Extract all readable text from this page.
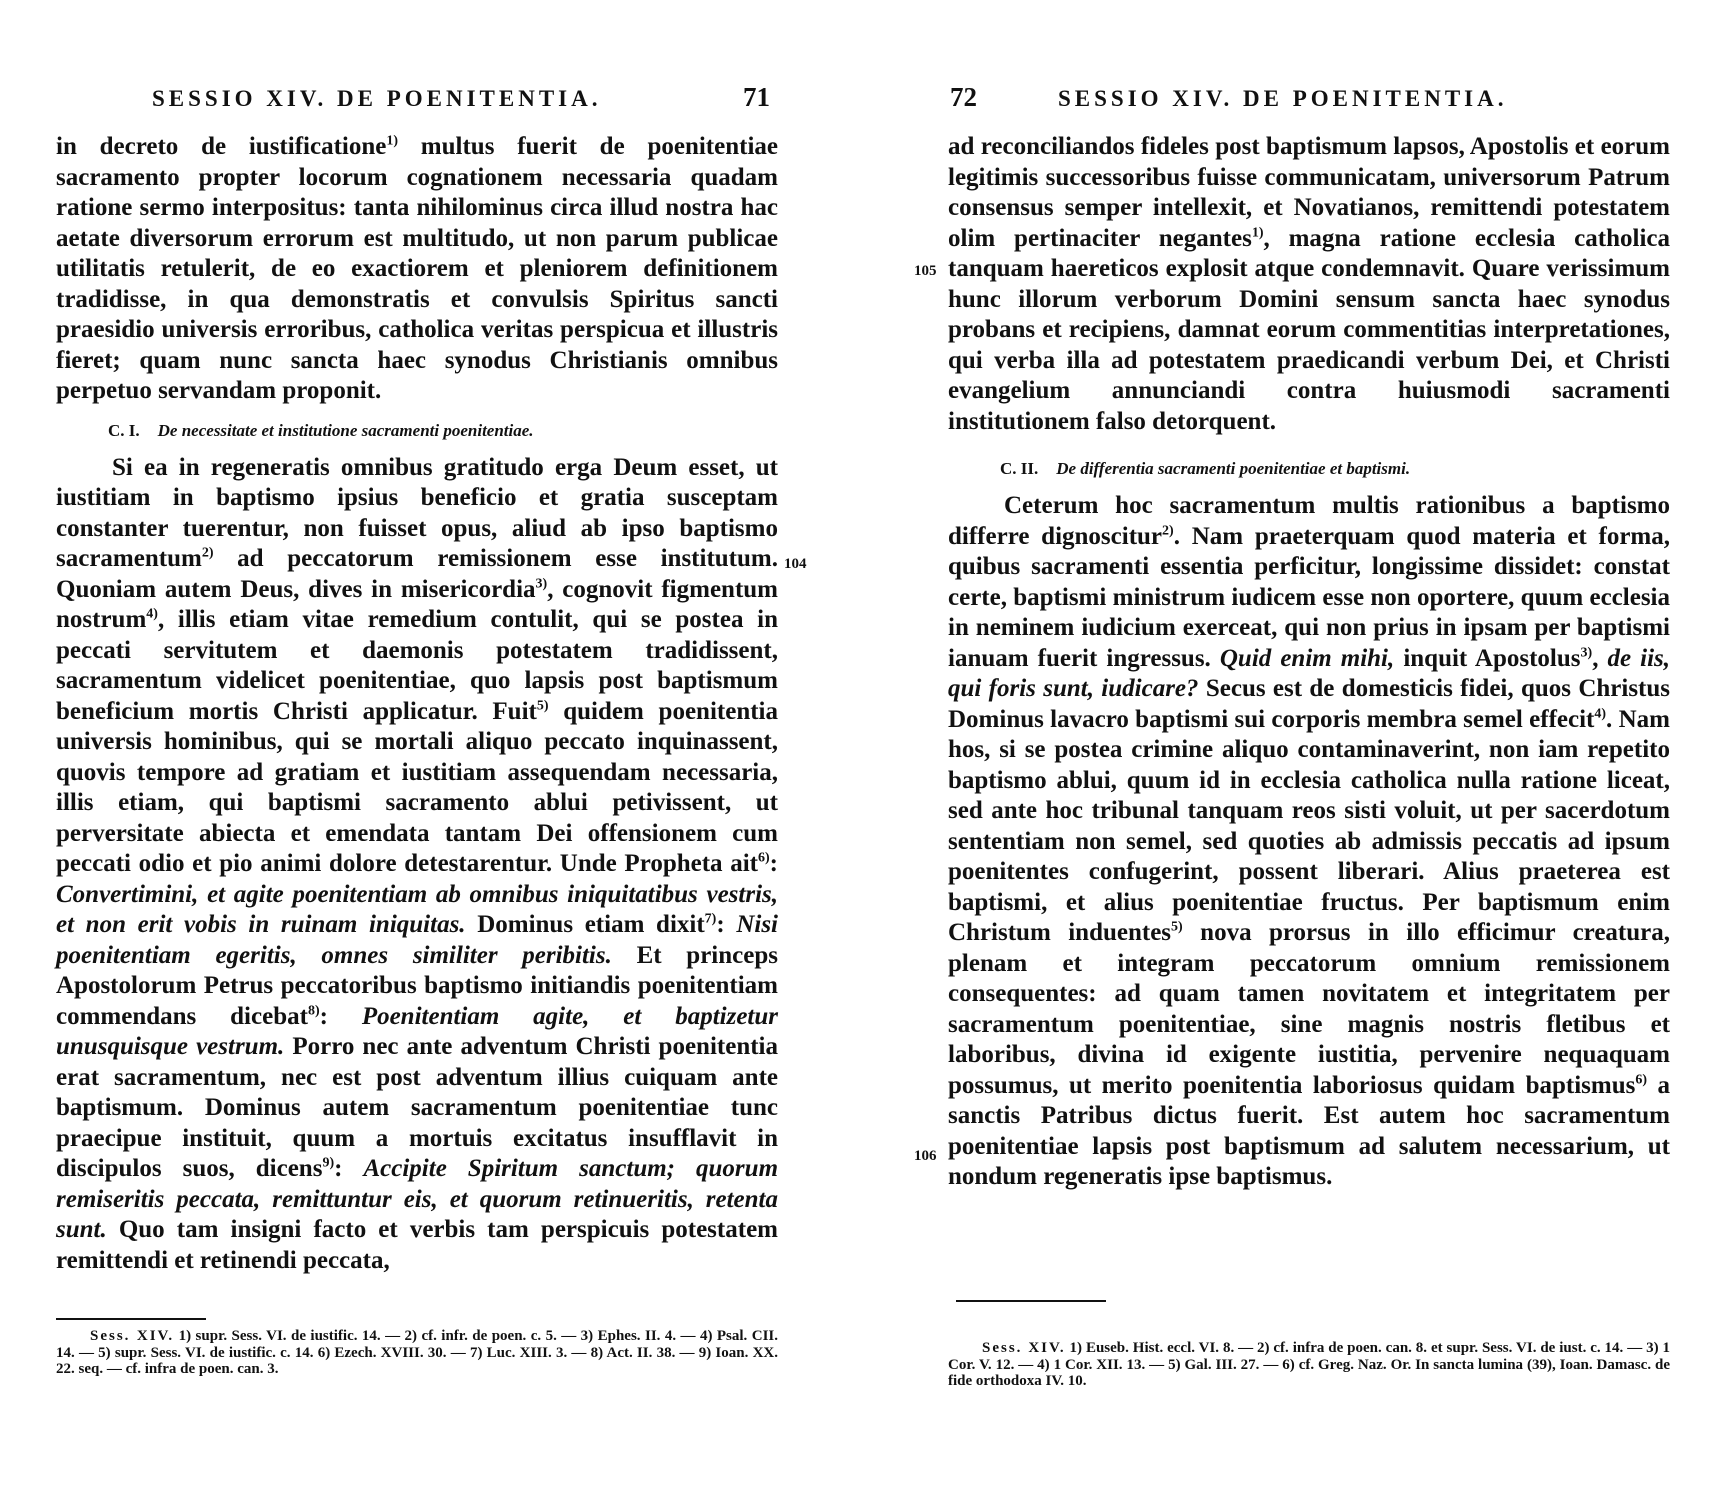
SESSIO XIV. DE POENITENTIA.	71

in decreto de iustificatione$^{1)}$ multus fuerit de poenitentiae sacramento propter locorum cognationem necessaria quadam ratione sermo interpositus: tanta nihilominus circa illud nostra hac aetate diversorum errorum est multitudo, ut non parum publicae utilitatis retulerit, de eo exactiorem et pleniorem definitionem tradidisse, in qua demonstratis et convulsis Spiritus sancti praesidio universis erroribus, catholica veritas perspicua et illustris fieret; quam nunc sancta haec synodus Christianis omnibus perpetuo servandam proponit.

C. I. De necessitate et institutione sacramenti poenitentiae.

Si ea in regeneratis omnibus gratitudo erga Deum esset, ut iustitiam in baptismo ipsius beneficio et gratia susceptam constanter tuerentur, non fuisset opus, aliud ab ipso baptismo sacramentum$^{2)}$ ad peccatorum remissionem esse institutum. Quoniam autem Deus, dives in misericordia$^{3)}$, cognovit figmentum nostrum$^{4)}$, illis etiam vitae remedium contulit, qui se postea in peccati servitutem et daemonis potestatem tradidissent, sacramentum videlicet poenitentiae, quo lapsis post baptismum beneficium mortis Christi applicatur. Fuit$^{5)}$ quidem poenitentia universis hominibus, qui se mortali aliquo peccato inquinassent, quovis tempore ad gratiam et iustitiam assequendam necessaria, illis etiam, qui baptismi sacramento ablui petivissent, ut perversitate abiecta et emendata tantam Dei offensionem cum peccati odio et pio animi dolore detestarentur. Unde Propheta ait$^{6)}$: Convertimini, et agite poenitentiam ab omnibus iniquitatibus vestris, et non erit vobis in ruinam iniquitas. Dominus etiam dixit$^{7)}$: Nisi poenitentiam egeritis, omnes similiter peribitis. Et princeps Apostolorum Petrus peccatoribus baptismo initiandis poenitentiam commendans dicebat$^{8)}$: Poenitentiam agite, et baptizetur unusquisque vestrum. Porro nec ante adventum Christi poenitentia erat sacramentum, nec est post adventum illius cuiquam ante baptismum. Dominus autem sacramentum poenitentiae tunc praecipue instituit, quum a mortuis excitatus insufflavit in discipulos suos, dicens$^{9)}$: Accipite Spiritum sanctum; quorum remiseritis peccata, remittuntur eis, et quorum retinueritis, retenta sunt. Quo tam insigni facto et verbis tam perspicuis potestatem remittendi et retinendi peccata,

104
Sess. XIV. 1) supr. Sess. VI. de iustific. 14. — 2) cf. infr. de poen. c. 5. — 3) Ephes. II. 4. — 4) Psal. CII. 14. — 5) supr. Sess. VI. de iustific. c. 14. 6) Ezech. XVIII. 30. — 7) Luc. XIII. 3. — 8) Act. II. 38. — 9) Ioan. XX. 22. seq. — cf. infra de poen. can. 3.
72	SESSIO XIV. DE POENITENTIA.

ad reconciliandos fideles post baptismum lapsos, Apostolis et eorum legitimis successoribus fuisse communicatam, universorum Patrum consensus semper intellexit, et Novatianos, remittendi potestatem olim pertinaciter negantes$^{1)}$, magna ratione ecclesia catholica tanquam haereticos explosit atque condemnavit. Quare verissimum hunc illorum verborum Domini sensum sancta haec synodus probans et recipiens, damnat eorum commentitias interpretationes, qui verba illa ad potestatem praedicandi verbum Dei, et Christi evangelium annunciandi contra huiusmodi sacramenti institutionem falso detorquent.

C. II. De differentia sacramenti poenitentiae et baptismi.

Ceterum hoc sacramentum multis rationibus a baptismo differre dignoscitur$^{2)}$. Nam praeterquam quod materia et forma, quibus sacramenti essentia perficitur, longissime dissidet: constat certe, baptismi ministrum iudicem esse non oportere, quum ecclesia in neminem iudicium exerceat, qui non prius in ipsam per baptismi ianuam fuerit ingressus. Quid enim mihi, inquit Apostolus$^{3)}$, de iis, qui foris sunt, iudicare? Secus est de domesticis fidei, quos Christus Dominus lavacro baptismi sui corporis membra semel effecit$^{4)}$. Nam hos, si se postea crimine aliquo contaminaverint, non iam repetito baptismo ablui, quum id in ecclesia catholica nulla ratione liceat, sed ante hoc tribunal tanquam reos sisti voluit, ut per sacerdotum sententiam non semel, sed quoties ab admissis peccatis ad ipsum poenitentes confugerint, possent liberari. Alius praeterea est baptismi, et alius poenitentiae fructus. Per baptismum enim Christum induentes$^{5)}$ nova prorsus in illo efficimur creatura, plenam et integram peccatorum omnium remissionem consequentes: ad quam tamen novitatem et integritatem per sacramentum poenitentiae, sine magnis nostris fletibus et laboribus, divina id exigente iustitia, pervenire nequaquam possumus, ut merito poenitentia laboriosus quidam baptismus$^{6)}$ a sanctis Patribus dictus fuerit. Est autem hoc sacramentum poenitentiae lapsis post baptismum ad salutem necessarium, ut nondum regeneratis ipse baptismus.

105
106
Sess. XIV. 1) Euseb. Hist. eccl. VI. 8. — 2) cf. infra de poen. can. 8. et supr. Sess. VI. de iust. c. 14. — 3) 1 Cor. V. 12. — 4) 1 Cor. XII. 13. — 5) Gal. III. 27. — 6) cf. Greg. Naz. Or. In sancta lumina (39), Ioan. Damasc. de fide orthodoxa IV. 10.
